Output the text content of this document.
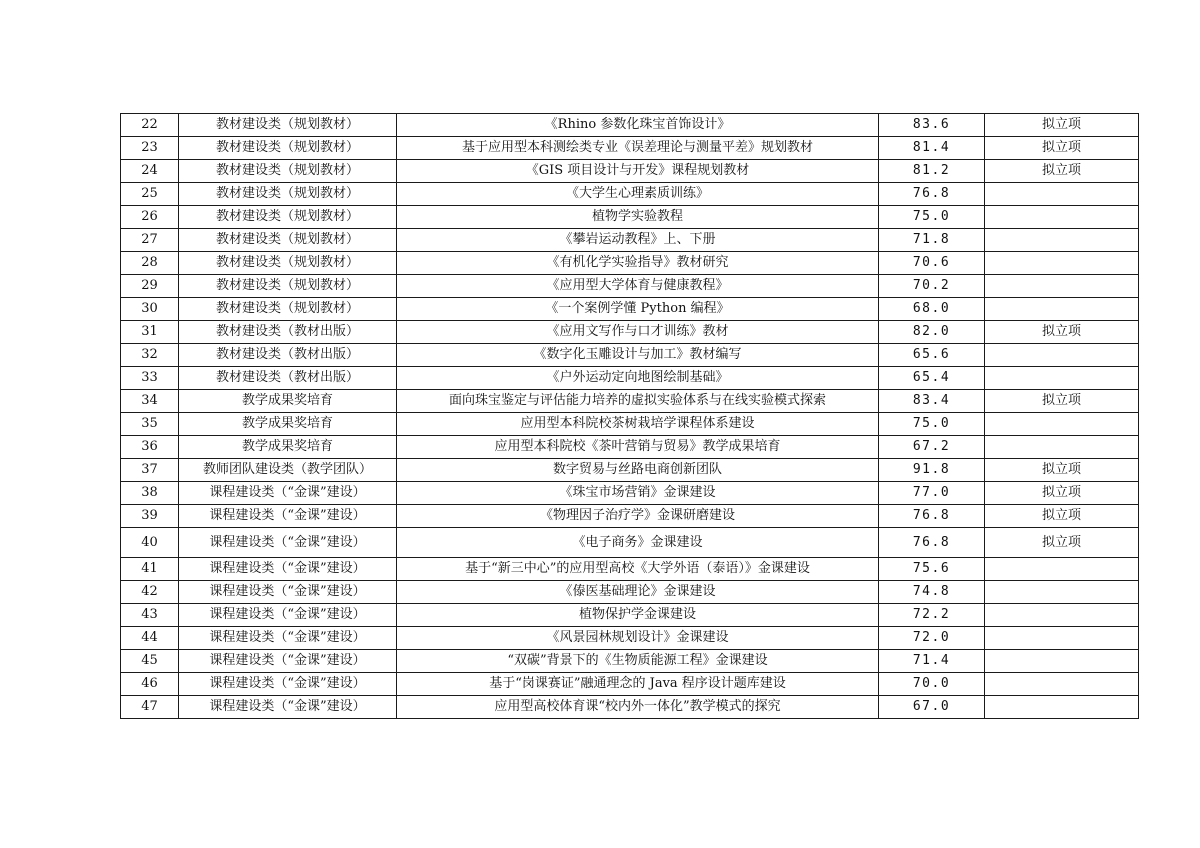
22	教材建设类（规划教材）	《Rhino 参数化珠宝首饰设计》	83.6	拟立项
23	教材建设类（规划教材）	基于应用型本科测绘类专业《误差理论与测量平差》规划教材	81.4	拟立项
24	教材建设类（规划教材）	《GIS 项目设计与开发》课程规划教材	81.2	拟立项
25	教材建设类（规划教材）	《大学生心理素质训练》	76.8	
26	教材建设类（规划教材）	植物学实验教程	75.0	
27	教材建设类（规划教材）	《攀岩运动教程》上、下册	71.8	
28	教材建设类（规划教材）	《有机化学实验指导》教材研究	70.6	
29	教材建设类（规划教材）	《应用型大学体育与健康教程》	70.2	
30	教材建设类（规划教材）	《一个案例学懂 Python 编程》	68.0	
31	教材建设类（教材出版）	《应用文写作与口才训练》教材	82.0	拟立项
32	教材建设类（教材出版）	《数字化玉雕设计与加工》教材编写	65.6	
33	教材建设类（教材出版）	《户外运动定向地图绘制基础》	65.4	
34	教学成果奖培育	面向珠宝鉴定与评估能力培养的虚拟实验体系与在线实验模式探索	83.4	拟立项
35	教学成果奖培育	应用型本科院校茶树栽培学课程体系建设	75.0	
36	教学成果奖培育	应用型本科院校《茶叶营销与贸易》教学成果培育	67.2	
37	教师团队建设类（教学团队）	数字贸易与丝路电商创新团队	91.8	拟立项
38	课程建设类（“金课”建设）	《珠宝市场营销》金课建设	77.0	拟立项
39	课程建设类（“金课”建设）	《物理因子治疗学》金课研磨建设	76.8	拟立项
40	课程建设类（“金课”建设）	《电子商务》金课建设	76.8	拟立项
41	课程建设类（“金课”建设）	基于“新三中心”的应用型高校《大学外语（泰语）》金课建设	75.6	
42	课程建设类（“金课”建设）	《傣医基础理论》金课建设	74.8	
43	课程建设类（“金课”建设）	植物保护学金课建设	72.2	
44	课程建设类（“金课”建设）	《风景园林规划设计》金课建设	72.0	
45	课程建设类（“金课”建设）	“双碳”背景下的《生物质能源工程》金课建设	71.4	
46	课程建设类（“金课”建设）	基于“岗课赛证”融通理念的 Java 程序设计题库建设	70.0	
47	课程建设类（“金课”建设）	应用型高校体育课“校内外一体化”教学模式的探究	67.0	
